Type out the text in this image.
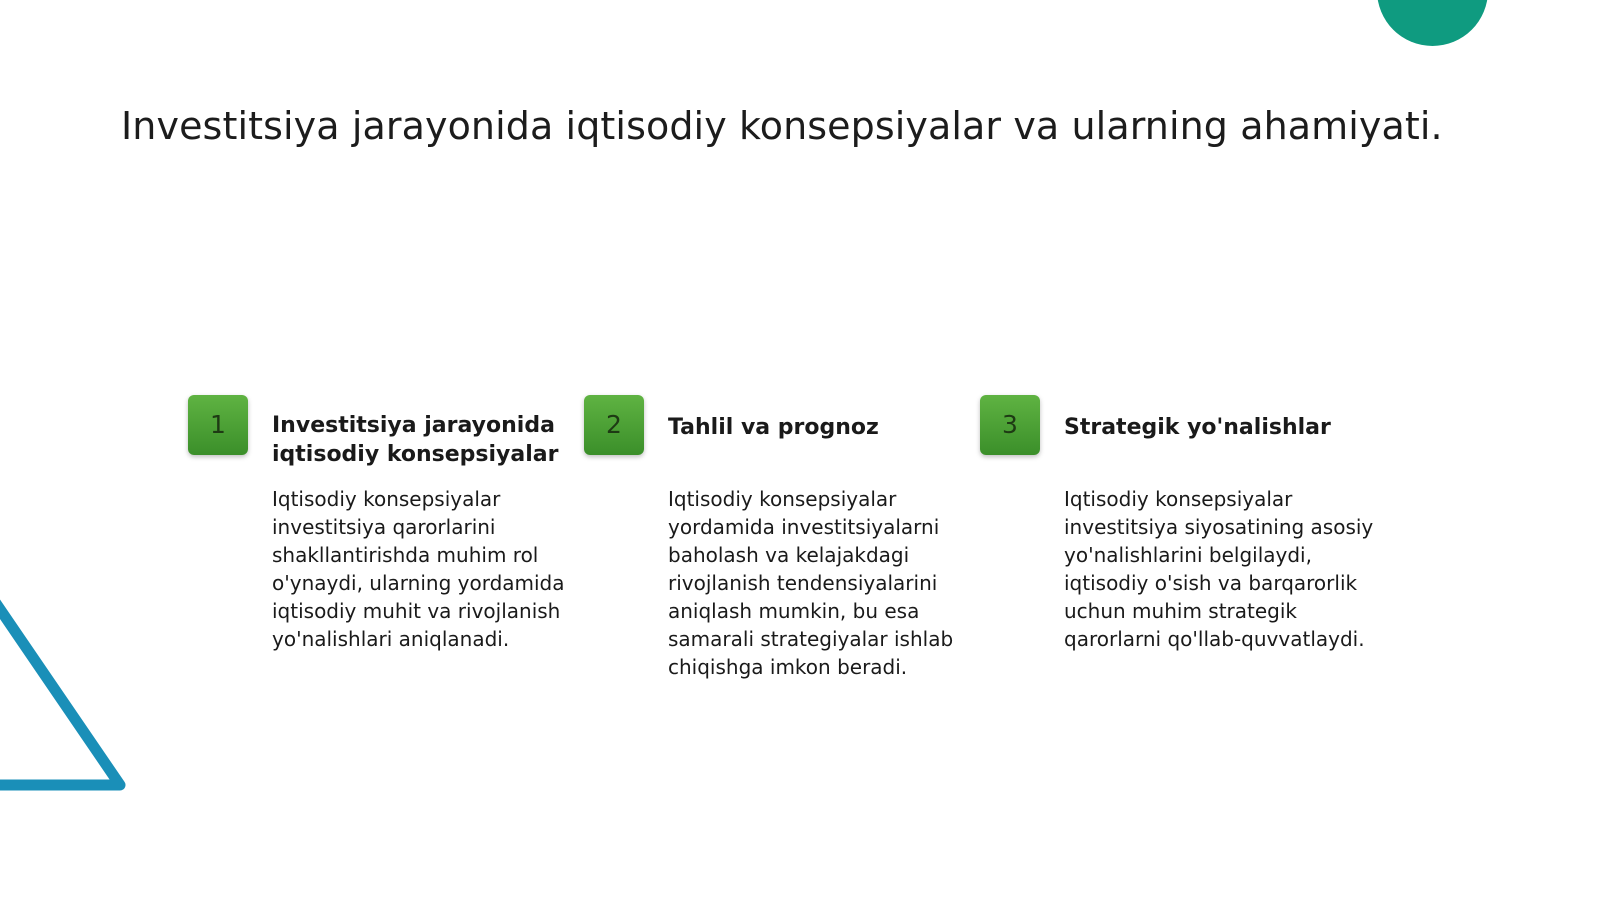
Investitsiya jarayonida iqtisodiy konsepsiyalar va ularning ahamiyati.
1	Investitsiya jarayonida iqtisodiy konsepsiyalar

Iqtisodiy konsepsiyalar investitsiya qarorlarini shakllantirishda muhim rol o'ynaydi, ularning yordamida iqtisodiy muhit va rivojlanish yo'nalishlari aniqlanadi.

2	Tahlil va prognoz

Iqtisodiy konsepsiyalar yordamida investitsiyalarni baholash va kelajakdagi rivojlanish tendensiyalarini aniqlash mumkin, bu esa samarali strategiyalar ishlab chiqishga imkon beradi.

3	Strategik yo'nalishlar

Iqtisodiy konsepsiyalar investitsiya siyosatining asosiy yo'nalishlarini belgilaydi, iqtisodiy o'sish va barqarorlik uchun muhim strategik qarorlarni qo'llab-quvvatlaydi.
